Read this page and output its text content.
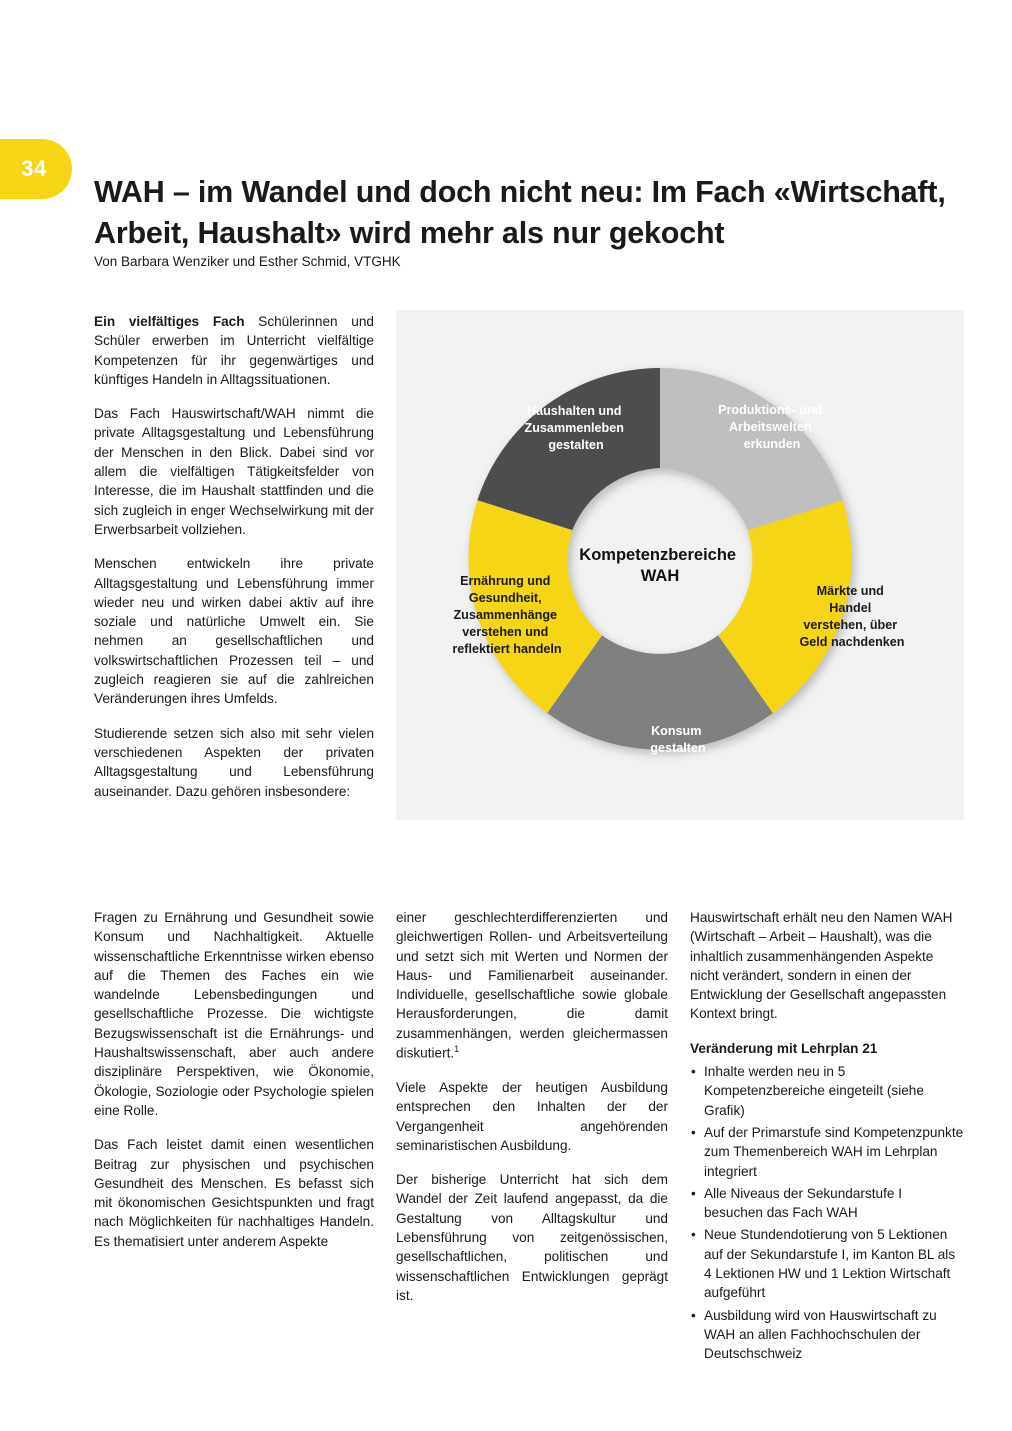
34
WAH – im Wandel und doch nicht neu: Im Fach «Wirtschaft, Arbeit, Haushalt» wird mehr als nur gekocht
Von Barbara Wenziker und Esther Schmid, VTGHK

Ein vielfältiges Fach Schülerinnen und Schüler erwerben im Unterricht vielfältige Kompetenzen für ihr gegenwärtiges und künftiges Handeln in Alltagssituationen.

Das Fach Hauswirtschaft/WAH nimmt die private Alltagsgestaltung und Lebensführung der Menschen in den Blick. Dabei sind vor allem die vielfältigen Tätigkeitsfelder von Interesse, die im Haushalt stattfinden und die sich zugleich in enger Wechselwirkung mit der Erwerbsarbeit vollziehen.

Menschen entwickeln ihre private Alltagsgestaltung und Lebensführung immer wieder neu und wirken dabei aktiv auf ihre soziale und natürliche Umwelt ein. Sie nehmen an gesellschaftlichen und volkswirtschaftlichen Prozessen teil – und zugleich reagieren sie auf die zahlreichen Veränderungen ihres Umfelds.

Studierende setzen sich also mit sehr vielen verschiedenen Aspekten der privaten Alltagsgestaltung und Lebensführung auseinander. Dazu gehören insbesondere:

Haushalten und Zusammenleben gestalten
Produktions- und Arbeitswelten erkunden
Märkte und Handel verstehen, über Geld nachdenken
Konsum gestalten
Ernährung und Gesundheit, Zusammenhänge verstehen und reflektiert handeln
Kompetenzbereiche WAH

Fragen zu Ernährung und Gesundheit sowie Konsum und Nachhaltigkeit. Aktuelle wissenschaftliche Erkenntnisse wirken ebenso auf die Themen des Faches ein wie wandelnde Lebensbedingungen und gesellschaftliche Prozesse. Die wichtigste Bezugswissenschaft ist die Ernährungs- und Haushaltswissenschaft, aber auch andere disziplinäre Perspektiven, wie Ökonomie, Ökologie, Soziologie oder Psychologie spielen eine Rolle.

Das Fach leistet damit einen wesentlichen Beitrag zur physischen und psychischen Gesundheit des Menschen. Es befasst sich mit ökonomischen Gesichtspunkten und fragt nach Möglichkeiten für nachhaltiges Handeln. Es thematisiert unter anderem Aspekte

einer geschlechterdifferenzierten und gleichwertigen Rollen- und Arbeitsverteilung und setzt sich mit Werten und Normen der Haus- und Familienarbeit auseinander. Individuelle, gesellschaftliche sowie globale Herausforderungen, die damit zusammenhängen, werden gleichermassen diskutiert.$^1$

Viele Aspekte der heutigen Ausbildung entsprechen den Inhalten der der Vergangenheit angehörenden seminaristischen Ausbildung.

Der bisherige Unterricht hat sich dem Wandel der Zeit laufend angepasst, da die Gestaltung von Alltagskultur und Lebensführung von zeitgenössischen, gesellschaftlichen, politischen und wissenschaftlichen Entwicklungen geprägt ist.

Hauswirtschaft erhält neu den Namen WAH (Wirtschaft – Arbeit – Haushalt), was die inhaltlich zusammenhängenden Aspekte nicht verändert, sondern in einen der Entwicklung der Gesellschaft angepassten Kontext bringt.

Veränderung mit Lehrplan 21

• Inhalte werden neu in 5 Kompetenzbereiche eingeteilt (siehe Grafik)
• Auf der Primarstufe sind Kompetenzpunkte zum Themenbereich WAH im Lehrplan integriert
• Alle Niveaus der Sekundarstufe I besuchen das Fach WAH
• Neue Stundendotierung von 5 Lektionen auf der Sekundarstufe I, im Kanton BL als 4 Lektionen HW und 1 Lektion Wirtschaft aufgeführt
• Ausbildung wird von Hauswirtschaft zu WAH an allen Fachhochschulen der Deutschschweiz
